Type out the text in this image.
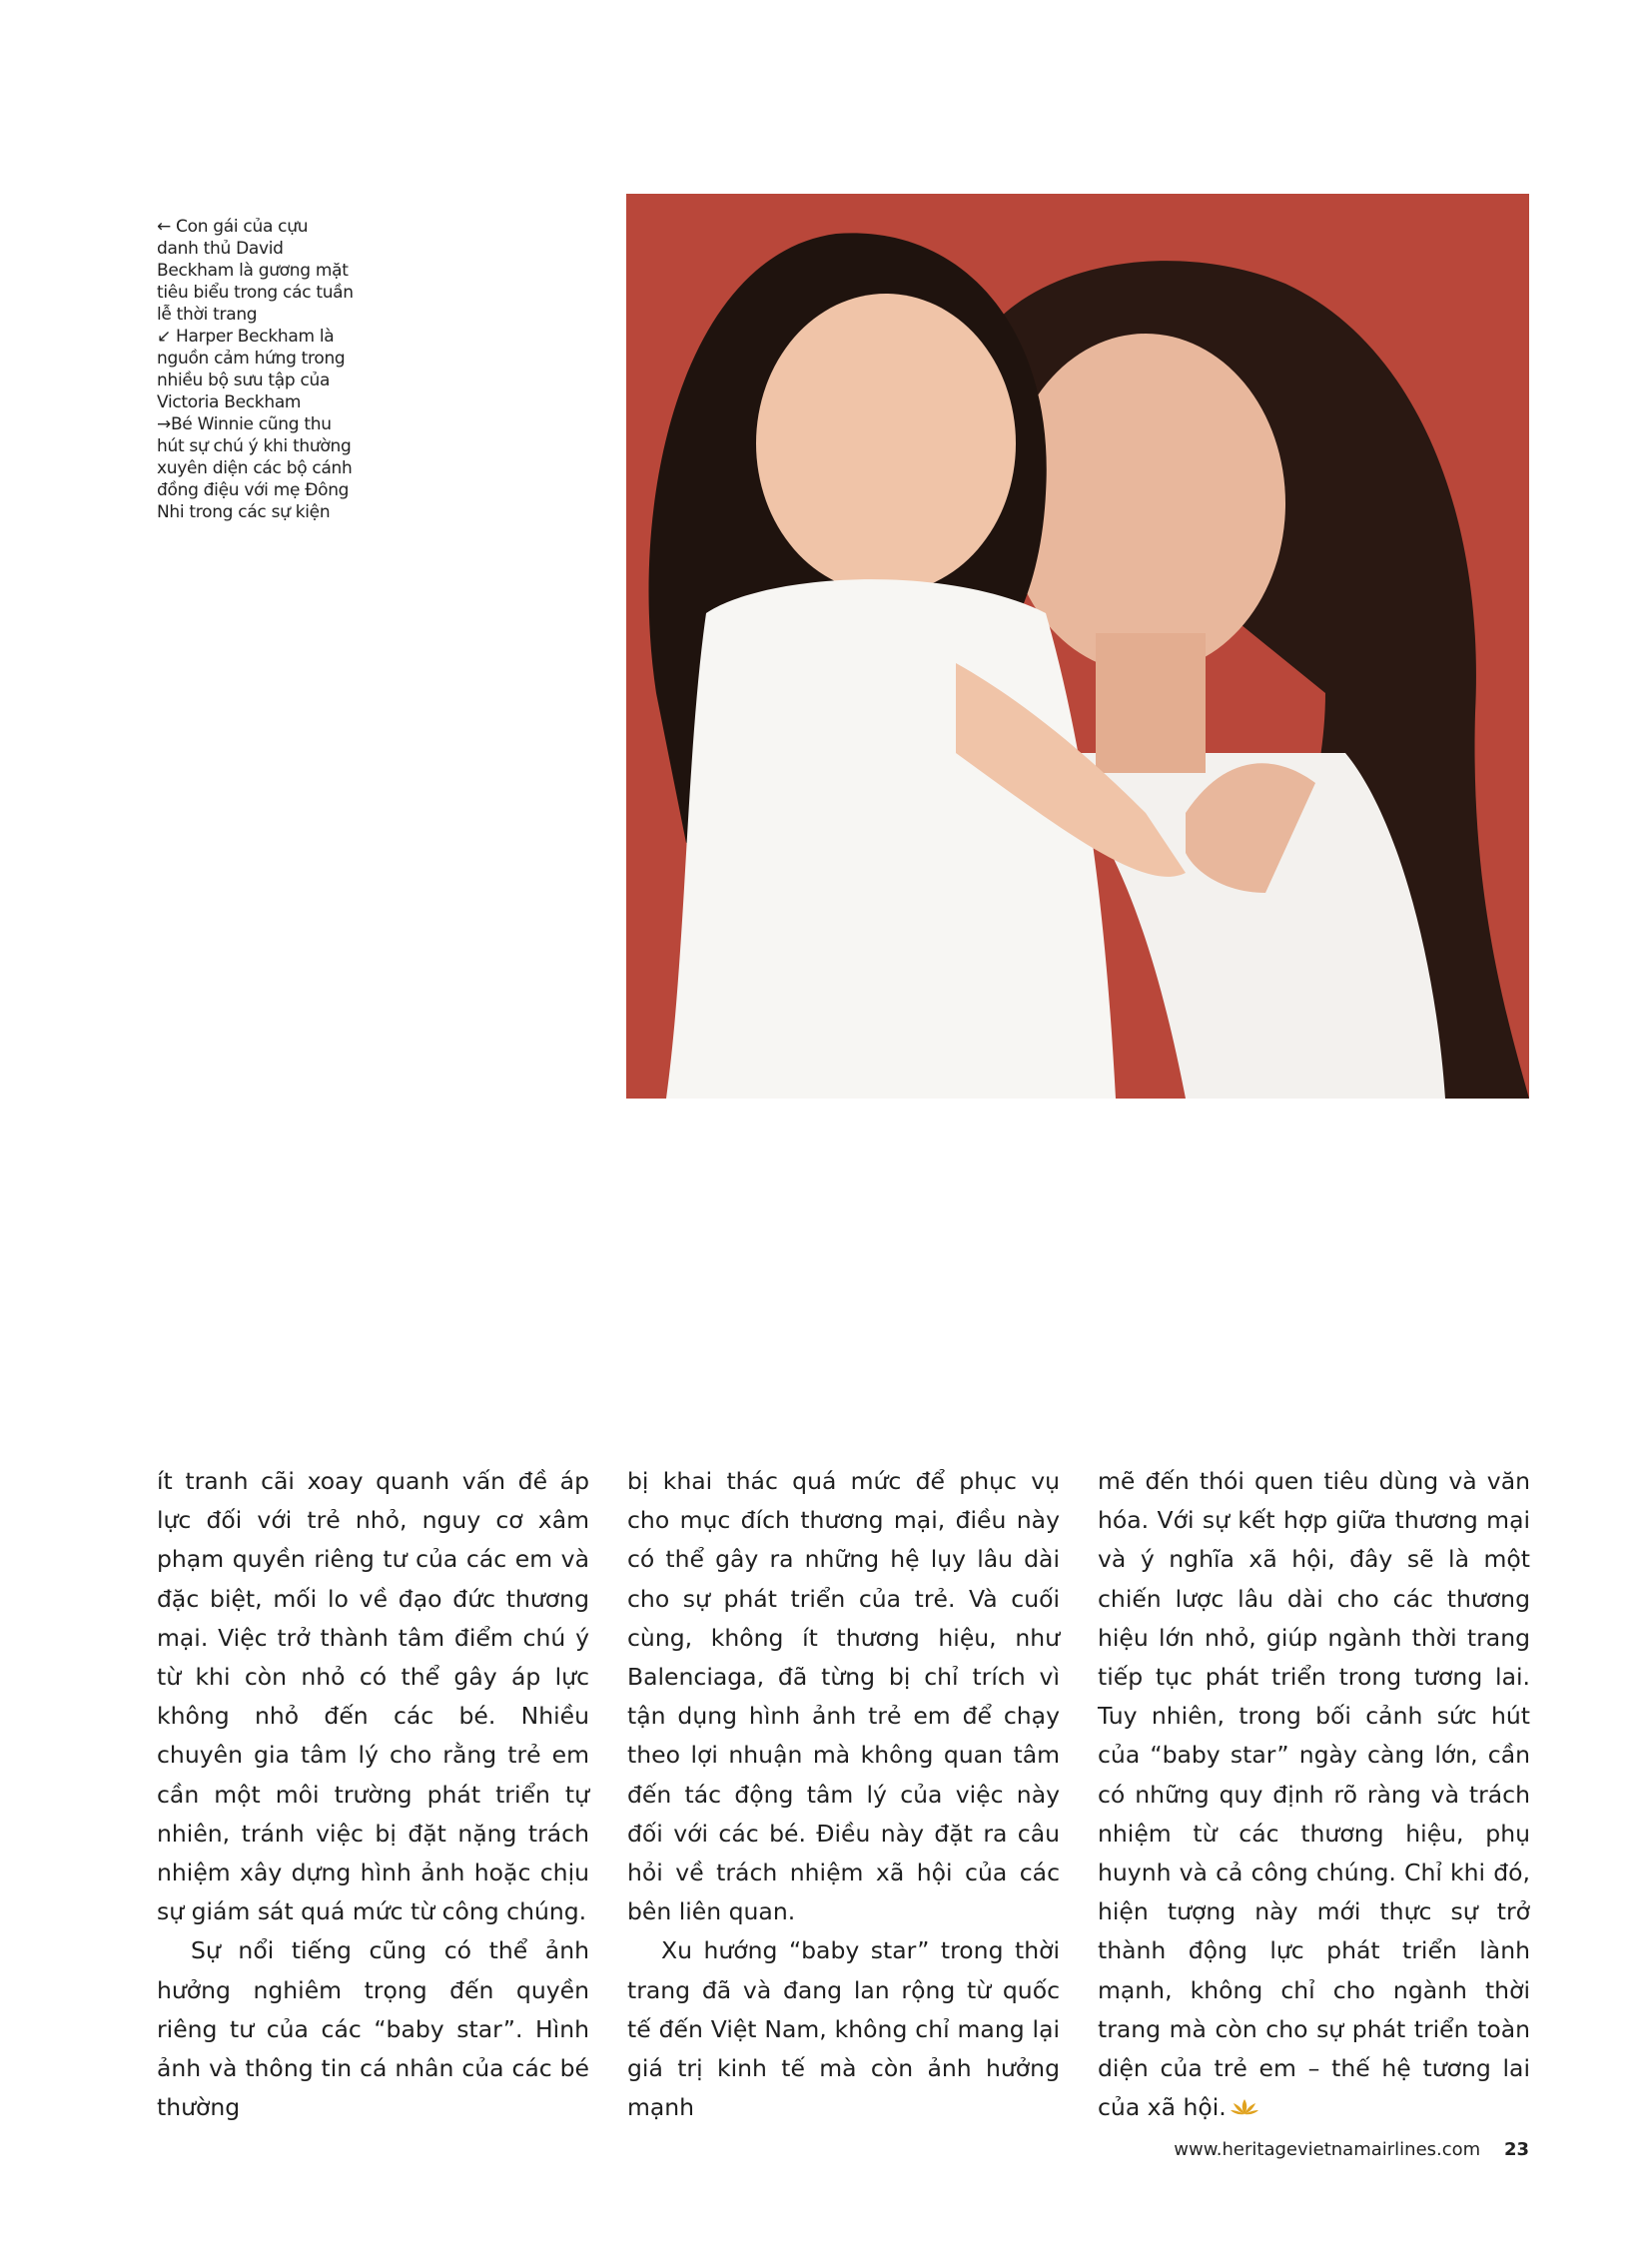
← Con gái của cựu
danh thủ David
Beckham là gương mặt
tiêu biểu trong các tuần
lễ thời trang
↙ Harper Beckham là
nguồn cảm hứng trong
nhiều bộ sưu tập của
Victoria Beckham
→Bé Winnie cũng thu
hút sự chú ý khi thường
xuyên diện các bộ cánh
đồng điệu với mẹ Đông
Nhi trong các sự kiện

ít tranh cãi xoay quanh vấn đề áp lực đối với trẻ nhỏ, nguy cơ xâm phạm quyền riêng tư của các em và đặc biệt, mối lo về đạo đức thương mại. Việc trở thành tâm điểm chú ý từ khi còn nhỏ có thể gây áp lực không nhỏ đến các bé. Nhiều chuyên gia tâm lý cho rằng trẻ em cần một môi trường phát triển tự nhiên, tránh việc bị đặt nặng trách nhiệm xây dựng hình ảnh hoặc chịu sự giám sát quá mức từ công chúng.

Sự nổi tiếng cũng có thể ảnh hưởng nghiêm trọng đến quyền riêng tư của các “baby star”. Hình ảnh và thông tin cá nhân của các bé thường

bị khai thác quá mức để phục vụ cho mục đích thương mại, điều này có thể gây ra những hệ lụy lâu dài cho sự phát triển của trẻ. Và cuối cùng, không ít thương hiệu, như Balenciaga, đã từng bị chỉ trích vì tận dụng hình ảnh trẻ em để chạy theo lợi nhuận mà không quan tâm đến tác động tâm lý của việc này đối với các bé. Điều này đặt ra câu hỏi về trách nhiệm xã hội của các bên liên quan.

Xu hướng “baby star” trong thời trang đã và đang lan rộng từ quốc tế đến Việt Nam, không chỉ mang lại giá trị kinh tế mà còn ảnh hưởng mạnh

mẽ đến thói quen tiêu dùng và văn hóa. Với sự kết hợp giữa thương mại và ý nghĩa xã hội, đây sẽ là một chiến lược lâu dài cho các thương hiệu lớn nhỏ, giúp ngành thời trang tiếp tục phát triển trong tương lai. Tuy nhiên, trong bối cảnh sức hút của “baby star” ngày càng lớn, cần có những quy định rõ ràng và trách nhiệm từ các thương hiệu, phụ huynh và cả công chúng. Chỉ khi đó, hiện tượng này mới thực sự trở thành động lực phát triển lành mạnh, không chỉ cho ngành thời trang mà còn cho sự phát triển toàn diện của trẻ em – thế hệ tương lai của xã hội.

www.heritagevietnamairlines.com 23
